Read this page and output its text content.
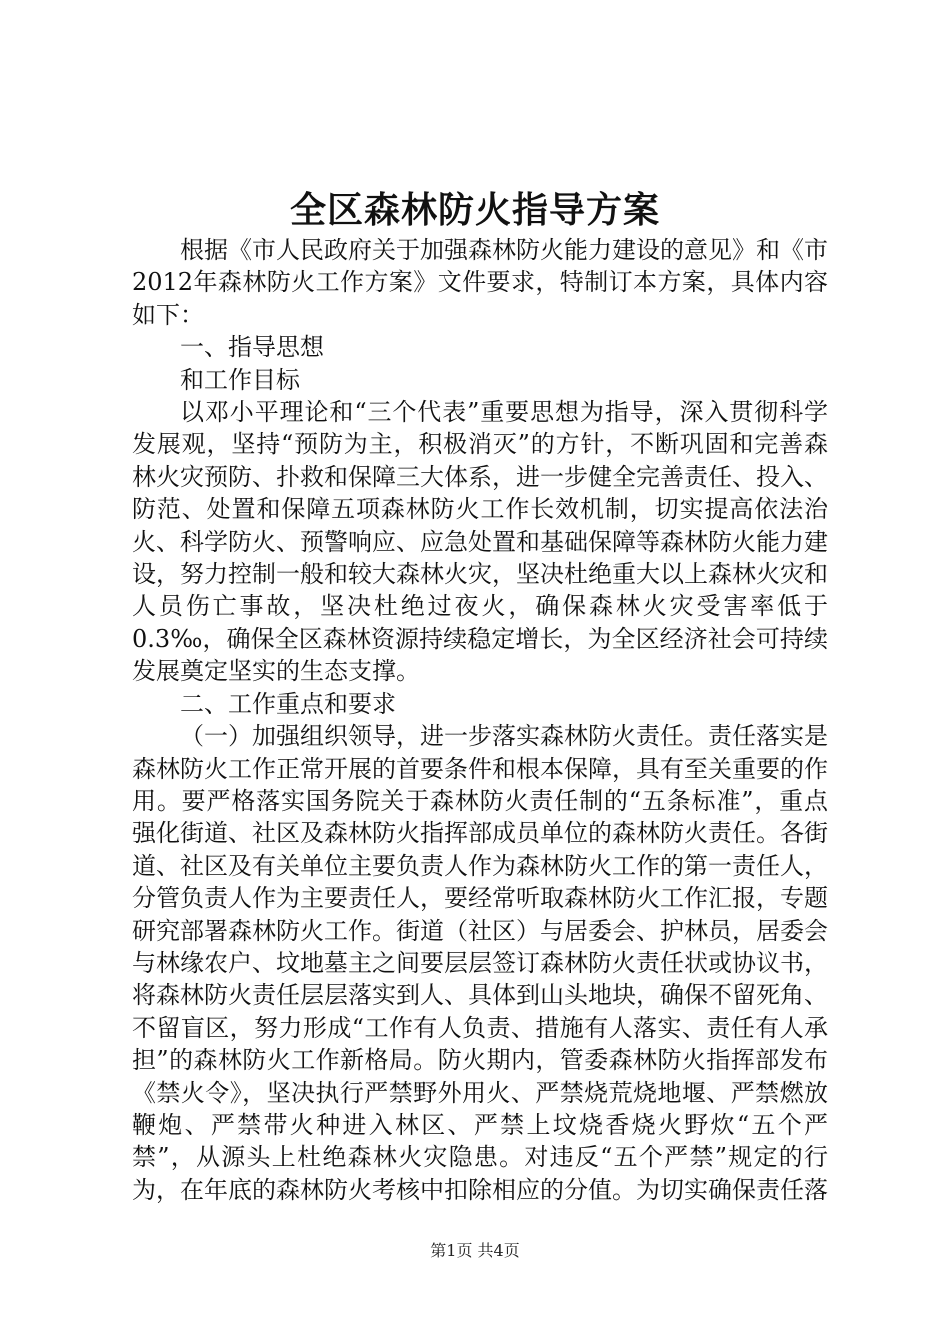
全区森林防火指导方案

根据《市人民政府关于加强森林防火能力建设的意见》和《市2012年森林防火工作方案》文件要求，特制订本方案，具体内容如下：

一、指导思想

和工作目标

以邓小平理论和“三个代表”重要思想为指导，深入贯彻科学发展观，坚持“预防为主，积极消灭”的方针，不断巩固和完善森林火灾预防、扑救和保障三大体系，进一步健全完善责任、投入、防范、处置和保障五项森林防火工作长效机制，切实提高依法治火、科学防火、预警响应、应急处置和基础保障等森林防火能力建设，努力控制一般和较大森林火灾，坚决杜绝重大以上森林火灾和人员伤亡事故，坚决杜绝过夜火，确保森林火灾受害率低于0.3‰，确保全区森林资源持续稳定增长，为全区经济社会可持续发展奠定坚实的生态支撑。

二、工作重点和要求

（一）加强组织领导，进一步落实森林防火责任。责任落实是森林防火工作正常开展的首要条件和根本保障，具有至关重要的作用。要严格落实国务院关于森林防火责任制的“五条标准”，重点强化街道、社区及森林防火指挥部成员单位的森林防火责任。各街道、社区及有关单位主要负责人作为森林防火工作的第一责任人，分管负责人作为主要责任人，要经常听取森林防火工作汇报，专题研究部署森林防火工作。街道（社区）与居委会、护林员，居委会与林缘农户、坟地墓主之间要层层签订森林防火责任状或协议书，将森林防火责任层层落实到人、具体到山头地块，确保不留死角、不留盲区，努力形成“工作有人负责、措施有人落实、责任有人承担”的森林防火工作新格局。防火期内，管委森林防火指挥部发布《禁火令》，坚决执行严禁野外用火、严禁烧荒烧地堰、严禁燃放鞭炮、严禁带火种进入林区、严禁上坟烧香烧火野炊“五个严禁”，从源头上杜绝森林火灾隐患。对违反“五个严禁”规定的行为，在年底的森林防火考核中扣除相应的分值。为切实确保责任落

第1页 共4页
